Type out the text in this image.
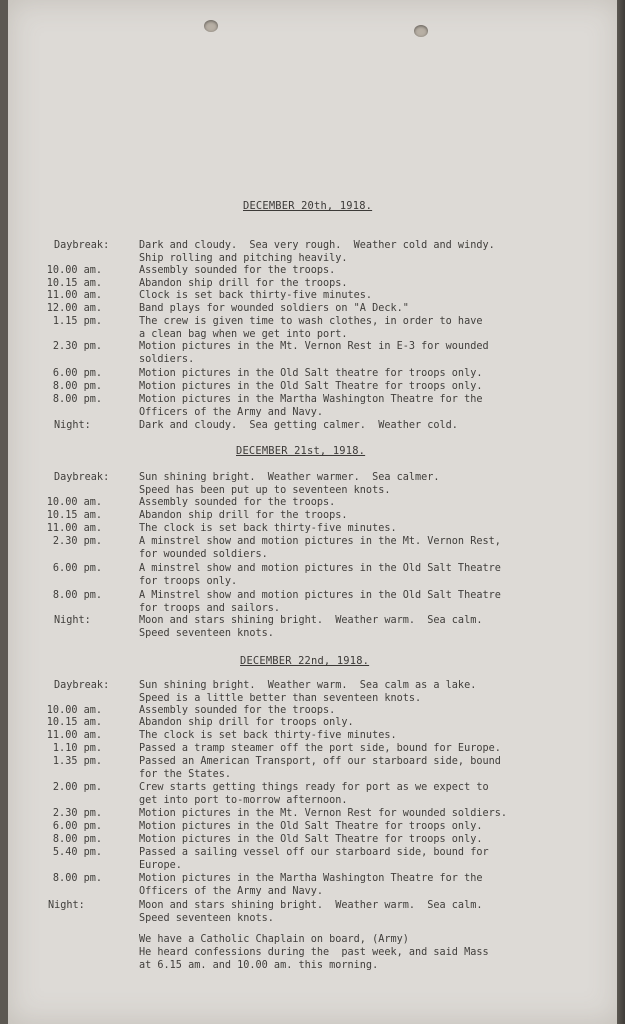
DECEMBER 20th, 1918.
Daybreak:	Dark and cloudy.  Sea very rough.  Weather cold and windy.
Ship rolling and pitching heavily.
10.00 am.	Assembly sounded for the troops.
10.15 am.	Abandon ship drill for the troops.
11.00 am.	Clock is set back thirty-five minutes.
12.00 am.	Band plays for wounded soldiers on "A Deck."
1.15 pm.	The crew is given time to wash clothes, in order to have
a clean bag when we get into port.
2.30 pm.	Motion pictures in the Mt. Vernon Rest in E-3 for wounded
soldiers.
6.00 pm.	Motion pictures in the Old Salt theatre for troops only.
8.00 pm.	Motion pictures in the Old Salt Theatre for troops only.
8.00 pm.	Motion pictures in the Martha Washington Theatre for the
Officers of the Army and Navy.
Night:	Dark and cloudy.  Sea getting calmer.  Weather cold.
DECEMBER 21st, 1918.
Daybreak:	Sun shining bright.  Weather warmer.  Sea calmer.
Speed has been put up to seventeen knots.
10.00 am.	Assembly sounded for the troops.
10.15 am.	Abandon ship drill for the troops.
11.00 am.	The clock is set back thirty-five minutes.
2.30 pm.	A minstrel show and motion pictures in the Mt. Vernon Rest,
for wounded soldiers.
6.00 pm.	A minstrel show and motion pictures in the Old Salt Theatre
for troops only.
8.00 pm.	A Minstrel show and motion pictures in the Old Salt Theatre
for troops and sailors.
Night:	Moon and stars shining bright.  Weather warm.  Sea calm.
Speed seventeen knots.
DECEMBER 22nd, 1918.
Daybreak:	Sun shining bright.  Weather warm.  Sea calm as a lake.
Speed is a little better than seventeen knots.
10.00 am.	Assembly sounded for the troops.
10.15 am.	Abandon ship drill for troops only.
11.00 am.	The clock is set back thirty-five minutes.
1.10 pm.	Passed a tramp steamer off the port side, bound for Europe.
1.35 pm.	Passed an American Transport, off our starboard side, bound
for the States.
2.00 pm.	Crew starts getting things ready for port as we expect to
get into port to-morrow afternoon.
2.30 pm.	Motion pictures in the Mt. Vernon Rest for wounded soldiers.
6.00 pm.	Motion pictures in the Old Salt Theatre for troops only.
8.00 pm.	Motion pictures in the Old Salt Theatre for troops only.
5.40 pm.	Passed a sailing vessel off our starboard side, bound for
Europe.
8.00 pm.	Motion pictures in the Martha Washington Theatre for the
Officers of the Army and Navy.
Night:	Moon and stars shining bright.  Weather warm.  Sea calm.
Speed seventeen knots.
We have a Catholic Chaplain on board, (Army)
He heard confessions during the  past week, and said Mass
at 6.15 am. and 10.00 am. this morning.
